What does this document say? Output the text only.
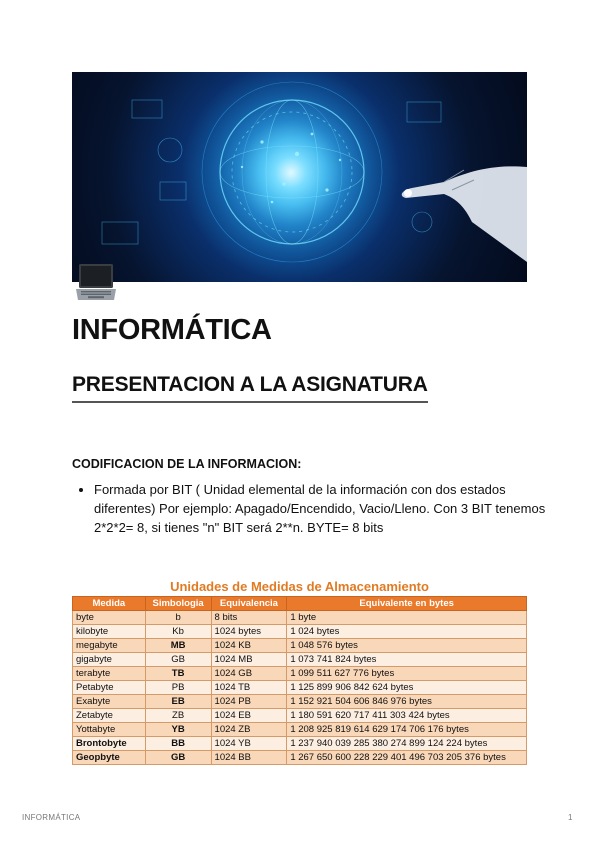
INFORMÁTICA
PRESENTACION A LA ASIGNATURA
CODIFICACION DE LA INFORMACION:
• Formada por BIT ( Unidad elemental de la información con dos estados diferentes) Por ejemplo: Apagado/Encendido, Vacio/Lleno. Con 3 BIT tenemos 2*2*2= 8, si tienes "n" BIT será 2**n. BYTE= 8 bits
Unidades de Medidas de Almacenamiento
Medida	Simbologia	Equivalencia	Equivalente en bytes
byte	b	8 bits	1 byte
kilobyte	Kb	1024 bytes	1 024 bytes
megabyte	MB	1024 KB	1 048 576 bytes
gigabyte	GB	1024 MB	1 073 741 824 bytes
terabyte	TB	1024 GB	1 099 511 627 776 bytes
Petabyte	PB	1024 TB	1 125 899 906 842 624 bytes
Exabyte	EB	1024 PB	1 152 921 504 606 846 976 bytes
Zetabyte	ZB	1024 EB	1 180 591 620 717 411 303 424 bytes
Yottabyte	YB	1024 ZB	1 208 925 819 614 629 174 706 176 bytes
Brontobyte	BB	1024 YB	1 237 940 039 285 380 274 899 124 224 bytes
Geopbyte	GB	1024 BB	1 267 650 600 228 229 401 496 703 205 376 bytes
INFORMÁTICA	1
